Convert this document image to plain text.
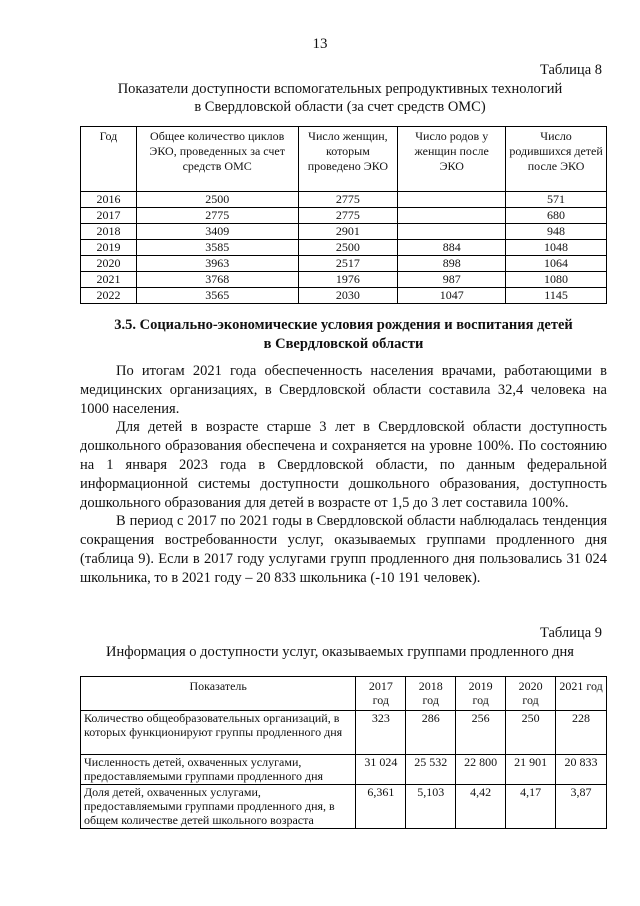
13
Таблица 8
Показатели доступности вспомогательных репродуктивных технологий
в Свердловской области (за счет средств ОМС)
Год	Общее количество циклов ЭКО, проведенных за счет средств ОМС	Число женщин, которым проведено ЭКО	Число родов у женщин после ЭКО	Число родившихся детей после ЭКО
2016	2500	2775		571
2017	2775	2775		680
2018	3409	2901		948
2019	3585	2500	884	1048
2020	3963	2517	898	1064
2021	3768	1976	987	1080
2022	3565	2030	1047	1145
3.5. Социально-экономические условия рождения и воспитания детей
в Свердловской области

По итогам 2021 года обеспеченность населения врачами, работающими в медицинских организациях, в Свердловской области составила 32,4 человека на 1000 населения.

Для детей в возрасте старше 3 лет в Свердловской области доступность дошкольного образования обеспечена и сохраняется на уровне 100%. По состоянию на 1 января 2023 года в Свердловской области, по данным федеральной информационной системы доступности дошкольного образования, доступность дошкольного образования для детей в возрасте от 1,5 до 3 лет составила 100%.

В период с 2017 по 2021 годы в Свердловской области наблюдалась тенденция сокращения востребованности услуг, оказываемых группами продленного дня (таблица 9). Если в 2017 году услугами групп продленного дня пользовались 31 024 школьника, то в 2021 году – 20 833 школьника (-10 191 человек).

Таблица 9
Информация о доступности услуг, оказываемых группами продленного дня
Показатель	2017 год	2018 год	2019 год	2020 год	2021 год
Количество общеобразовательных организаций, в которых функционируют группы продленного дня	323	286	256	250	228
Численность детей, охваченных услугами, предоставляемыми группами продленного дня	31 024	25 532	22 800	21 901	20 833
Доля детей, охваченных услугами, предоставляемыми группами продленного дня, в общем количестве детей школьного возраста	6,361	5,103	4,42	4,17	3,87
